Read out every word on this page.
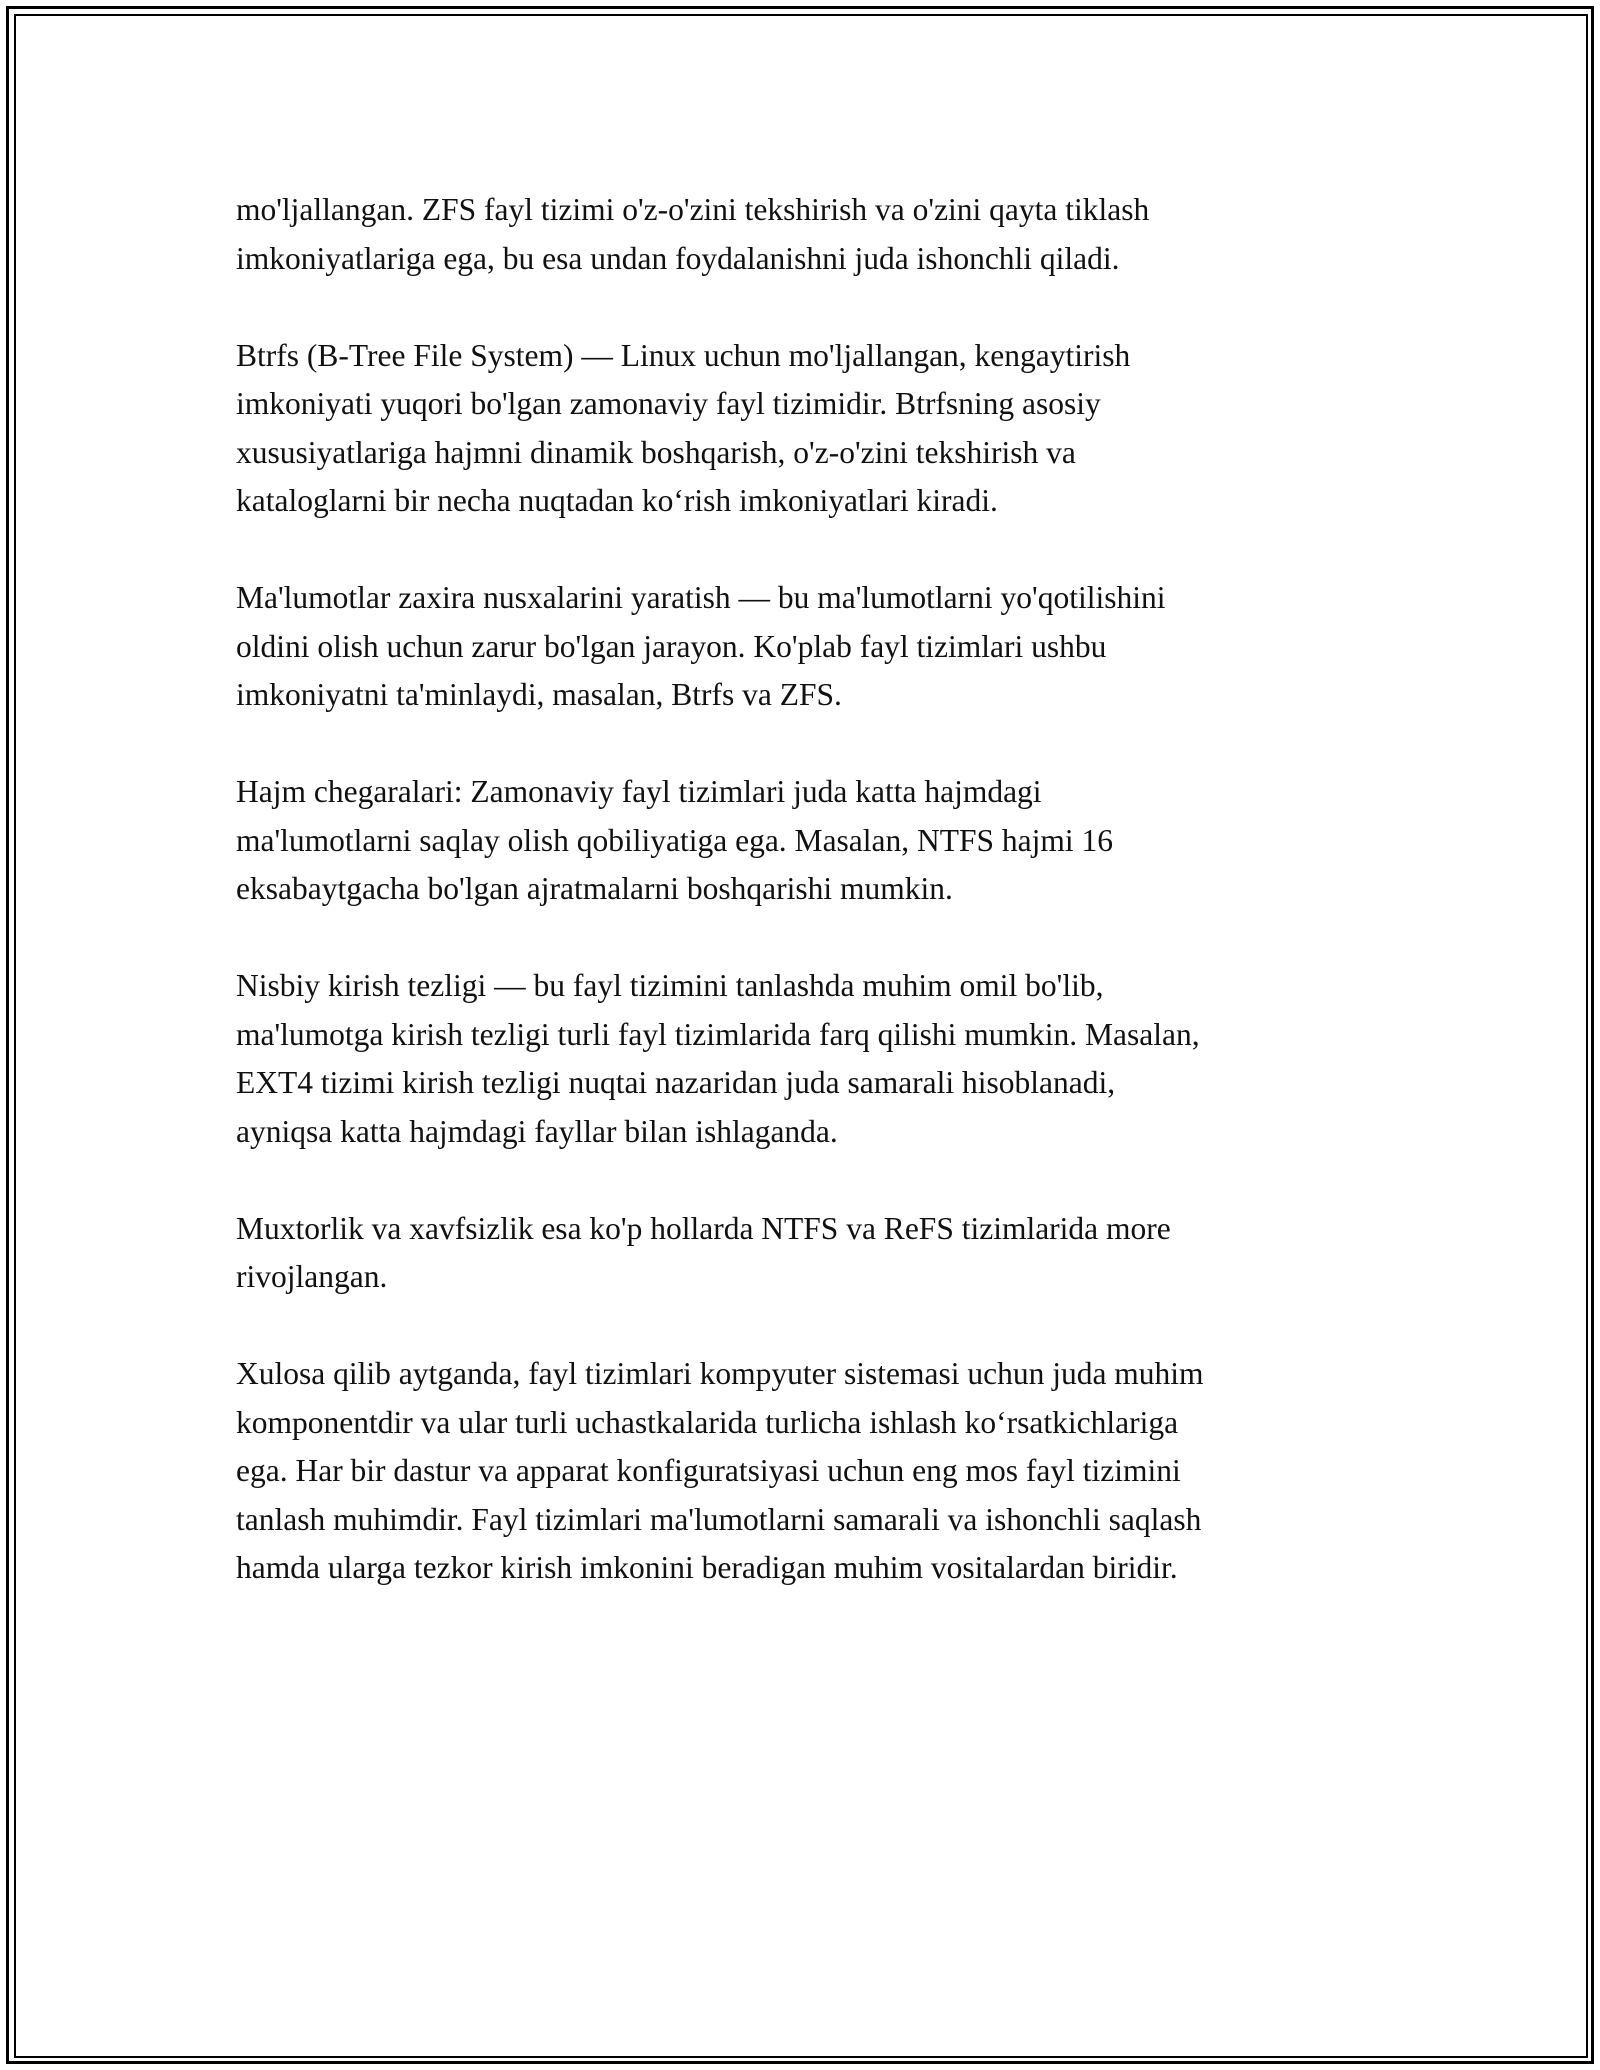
mo'ljallangan. ZFS fayl tizimi o'z-o'zini tekshirish va o'zini qayta tiklash
imkoniyatlariga ega, bu esa undan foydalanishni juda ishonchli qiladi.

Btrfs (B-Tree File System) — Linux uchun mo'ljallangan, kengaytirish
imkoniyati yuqori bo'lgan zamonaviy fayl tizimidir. Btrfsning asosiy
xususiyatlariga hajmni dinamik boshqarish, o'z-o'zini tekshirish va
kataloglarni bir necha nuqtadan ko‘rish imkoniyatlari kiradi.

Ma'lumotlar zaxira nusxalarini yaratish — bu ma'lumotlarni yo'qotilishini
oldini olish uchun zarur bo'lgan jarayon. Ko'plab fayl tizimlari ushbu
imkoniyatni ta'minlaydi, masalan, Btrfs va ZFS.

Hajm chegaralari: Zamonaviy fayl tizimlari juda katta hajmdagi
ma'lumotlarni saqlay olish qobiliyatiga ega. Masalan, NTFS hajmi 16
eksabaytgacha bo'lgan ajratmalarni boshqarishi mumkin.

Nisbiy kirish tezligi — bu fayl tizimini tanlashda muhim omil bo'lib,
ma'lumotga kirish tezligi turli fayl tizimlarida farq qilishi mumkin. Masalan,
EXT4 tizimi kirish tezligi nuqtai nazaridan juda samarali hisoblanadi,
ayniqsa katta hajmdagi fayllar bilan ishlaganda.

Muxtorlik va xavfsizlik esa ko'p hollarda NTFS va ReFS tizimlarida more
rivojlangan.

Xulosa qilib aytganda, fayl tizimlari kompyuter sistemasi uchun juda muhim
komponentdir va ular turli uchastkalarida turlicha ishlash ko‘rsatkichlariga
ega. Har bir dastur va apparat konfiguratsiyasi uchun eng mos fayl tizimini
tanlash muhimdir. Fayl tizimlari ma'lumotlarni samarali va ishonchli saqlash
hamda ularga tezkor kirish imkonini beradigan muhim vositalardan biridir.
